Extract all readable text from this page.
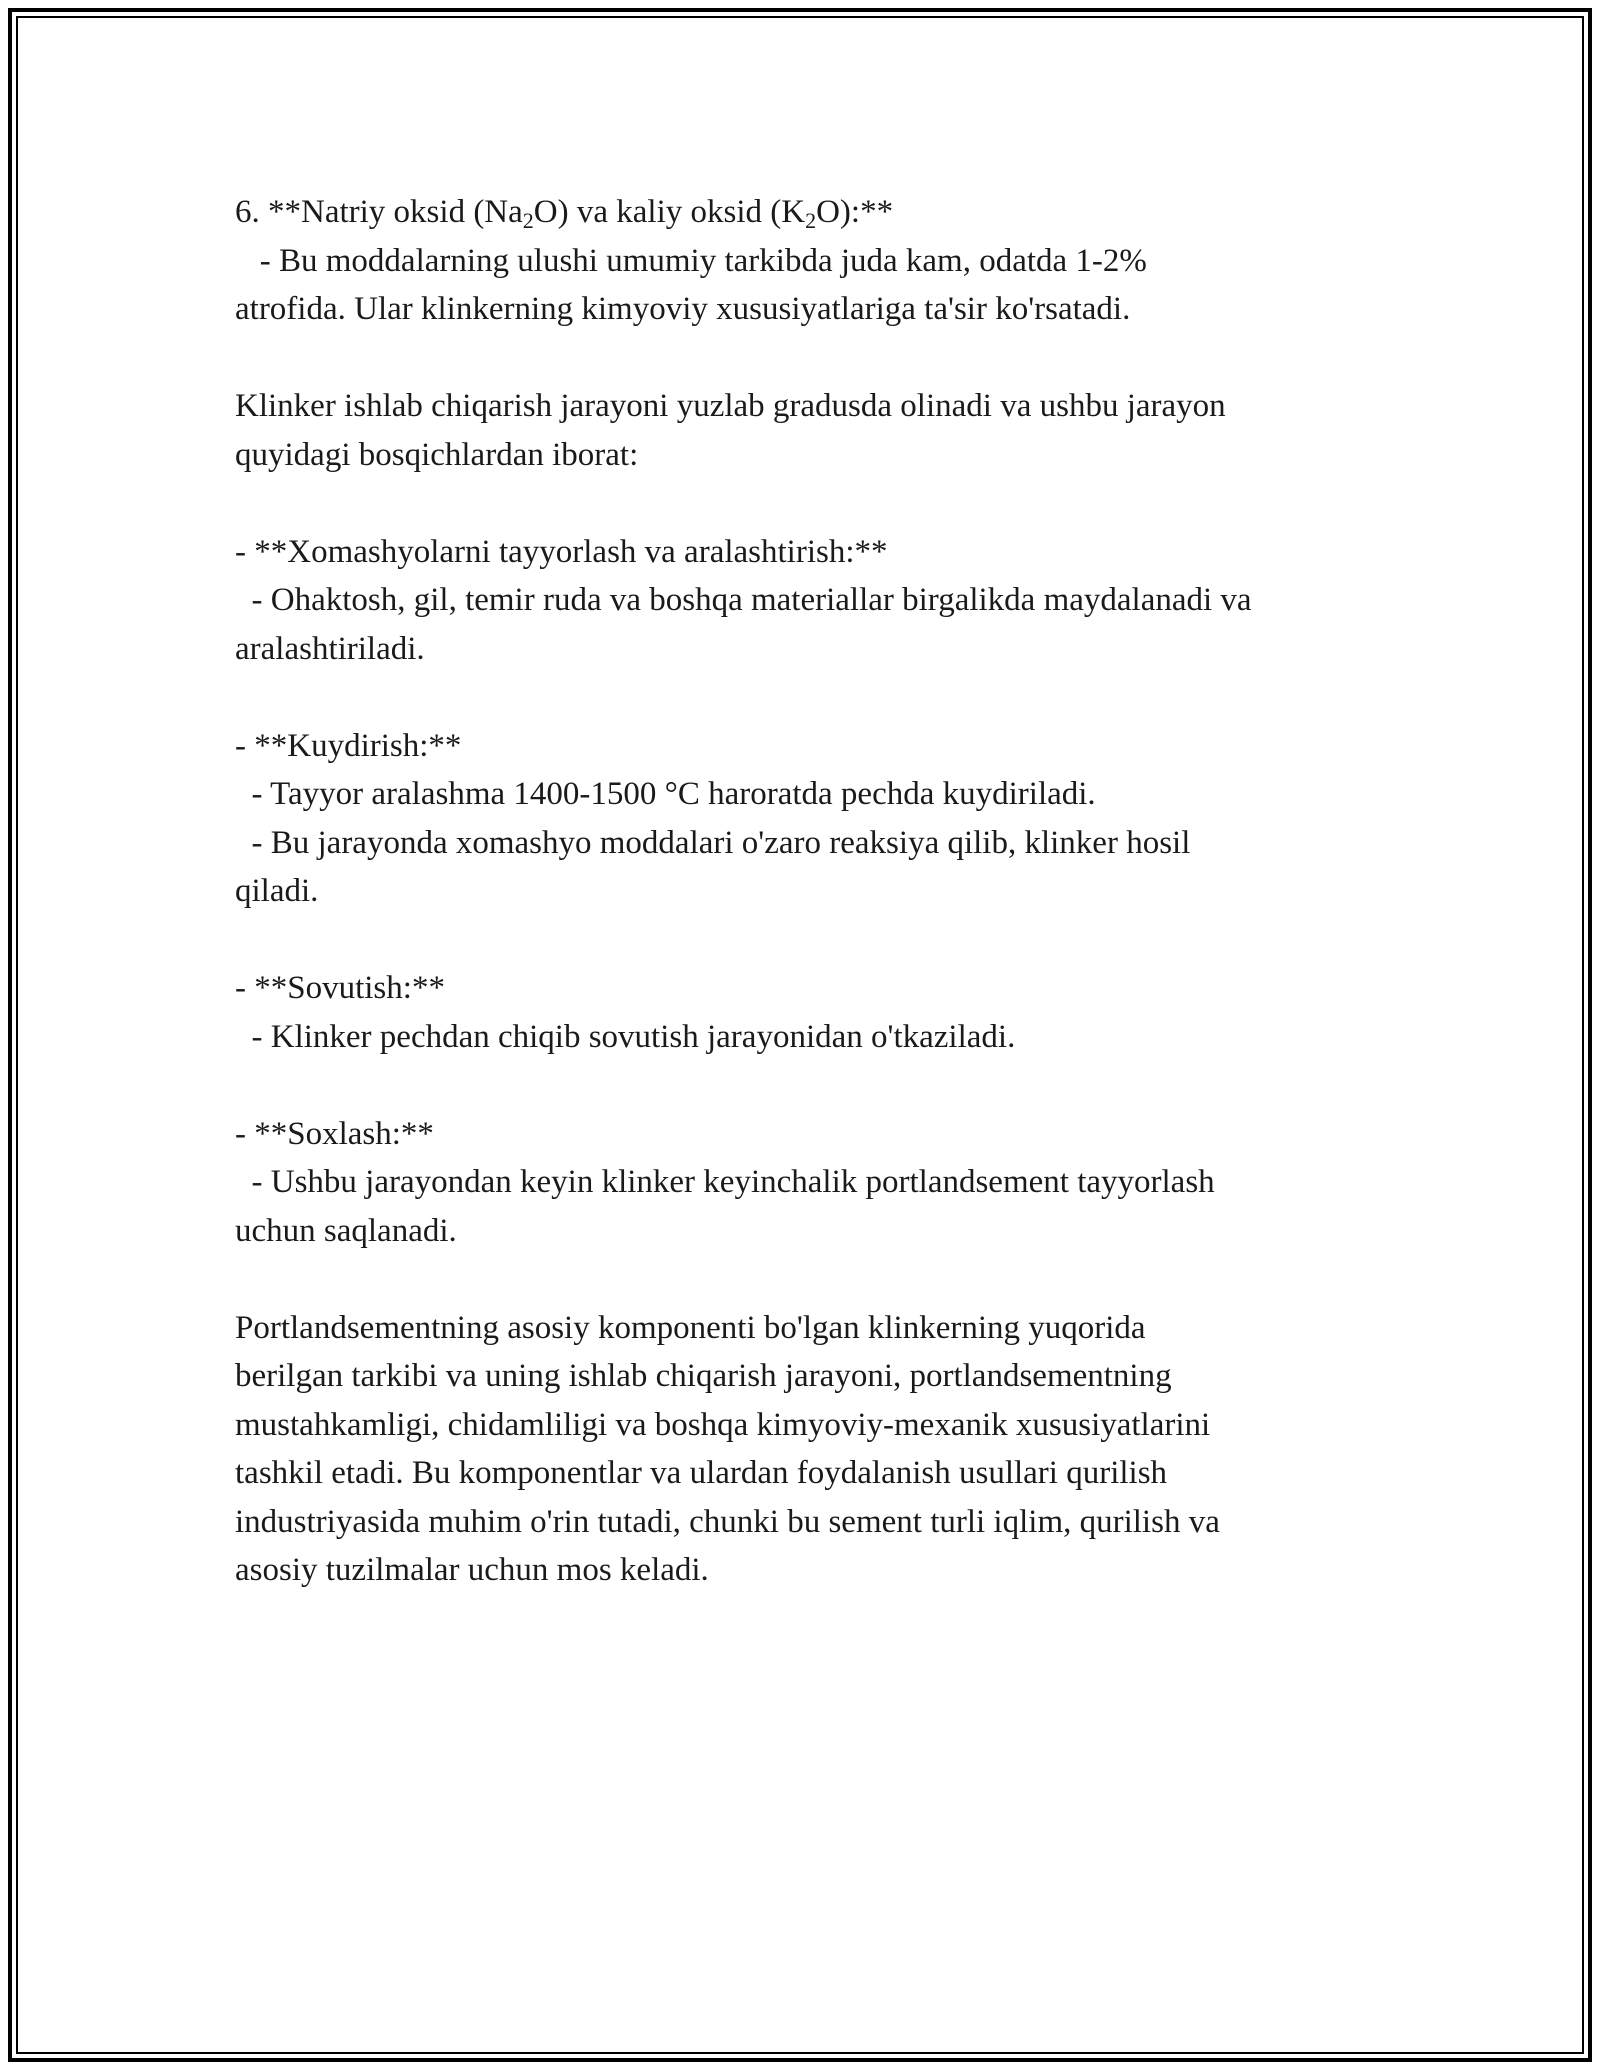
6. **Natriy oksid $(Na_2O)$ va kaliy oksid $(K_2O):**$
- Bu moddalarning ulushi umumiy tarkibda juda kam, odatda 1-2%
atrofida. Ular klinkerning kimyoviy xususiyatlariga ta'sir ko'rsatadi.
Klinker ishlab chiqarish jarayoni yuzlab gradusda olinadi va ushbu jarayon
quyidagi bosqichlardan iborat:
- **Xomashyolarni tayyorlash va aralashtirish:**
- Ohaktosh, gil, temir ruda va boshqa materiallar birgalikda maydalanadi va
aralashtiriladi.
- **Kuydirish:**
- Tayyor aralashma 1400-1500 °C haroratda pechda kuydiriladi.
- Bu jarayonda xomashyo moddalari o'zaro reaksiya qilib, klinker hosil
qiladi.
- **Sovutish:**
- Klinker pechdan chiqib sovutish jarayonidan o'tkaziladi.
- **Soxlash:**
- Ushbu jarayondan keyin klinker keyinchalik portlandsement tayyorlash
uchun saqlanadi.
Portlandsementning asosiy komponenti bo'lgan klinkerning yuqorida
berilgan tarkibi va uning ishlab chiqarish jarayoni, portlandsementning
mustahkamligi, chidamliligi va boshqa kimyoviy-mexanik xususiyatlarini
tashkil etadi. Bu komponentlar va ulardan foydalanish usullari qurilish
industriyasida muhim o'rin tutadi, chunki bu sement turli iqlim, qurilish va
asosiy tuzilmalar uchun mos keladi.
